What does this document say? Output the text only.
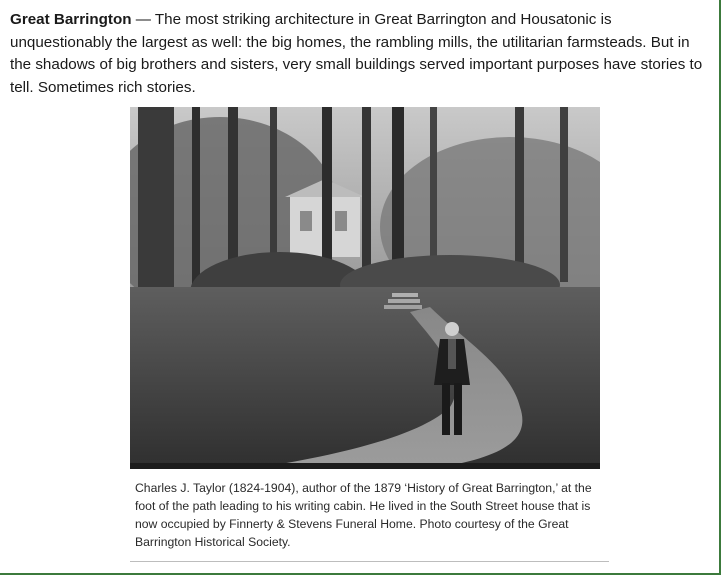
Great Barrington — The most striking architecture in Great Barrington and Housatonic is unquestionably the largest as well: the big homes, the rambling mills, the utilitarian farmsteads. But in the shadows of big brothers and sisters, very small buildings served important purposes have stories to tell. Sometimes rich stories.

Charles J. Taylor (1824-1904), author of the 1879 ‘History of Great Barrington,’ at the foot of the path leading to his writing cabin. He lived in the South Street house that is now occupied by Finnerty & Stevens Funeral Home. Photo courtesy of the Great Barrington Historical Society.
